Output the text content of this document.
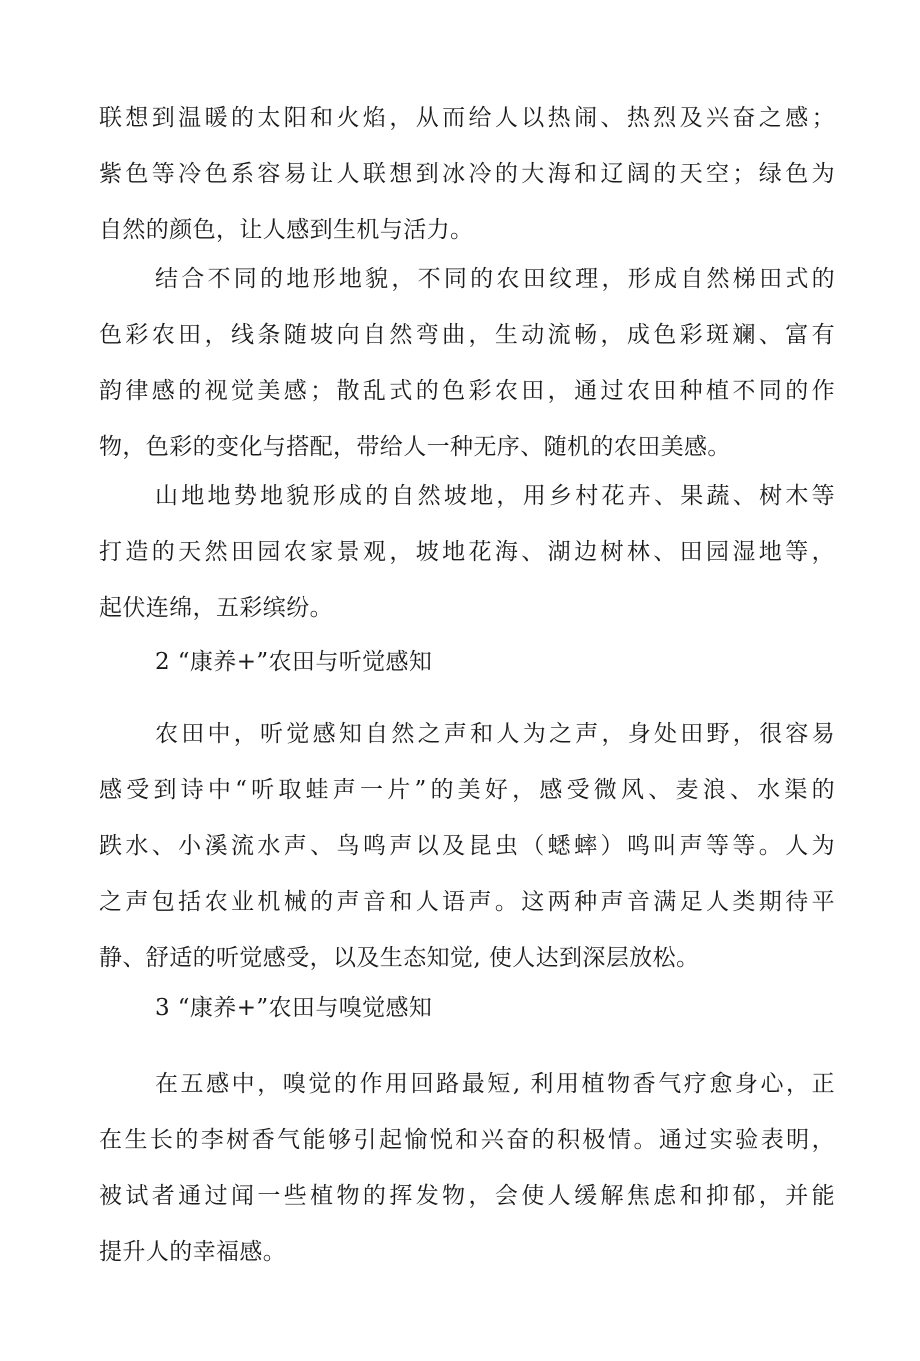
联想到温暖的太阳和火焰，从而给人以热闹、热烈及兴奋之感；
紫色等冷色系容易让人联想到冰冷的大海和辽阔的天空；绿色为
自然的颜色，让人感到生机与活力。
结合不同的地形地貌，不同的农田纹理，形成自然梯田式的
色彩农田，线条随坡向自然弯曲，生动流畅，成色彩斑斓、富有
韵律感的视觉美感；散乱式的色彩农田，通过农田种植不同的作
物，色彩的变化与搭配，带给人一种无序、随机的农田美感。
山地地势地貌形成的自然坡地，用乡村花卉、果蔬、树木等
打造的天然田园农家景观，坡地花海、湖边树林、田园湿地等，
起伏连绵，五彩缤纷。
2 “康养+”农田与听觉感知
农田中，听觉感知自然之声和人为之声，身处田野，很容易
感受到诗中“听取蛙声一片”的美好，感受微风、麦浪、水渠的
跌水、小溪流水声、鸟鸣声以及昆虫（蟋蟀）鸣叫声等等。人为
之声包括农业机械的声音和人语声。这两种声音满足人类期待平
静、舒适的听觉感受，以及生态知觉, 使人达到深层放松。
3 “康养+”农田与嗅觉感知
在五感中，嗅觉的作用回路最短, 利用植物香气疗愈身心，正
在生长的李树香气能够引起愉悦和兴奋的积极情。通过实验表明，
被试者通过闻一些植物的挥发物，会使人缓解焦虑和抑郁，并能
提升人的幸福感。
